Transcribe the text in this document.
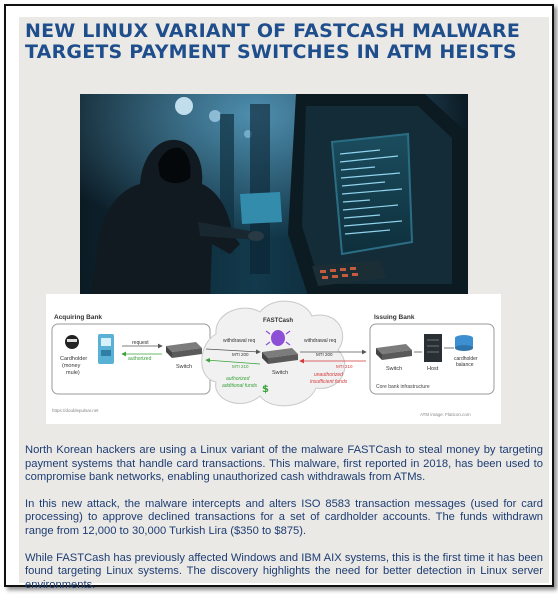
NEW LINUX VARIANT OF FASTCASH MALWARE TARGETS PAYMENT SWITCHES IN ATM HEISTS
Acquiring Bank
Cardholder
(money
mule)
request
authorized
Switch
FASTCash
withdrawal req
MTI 200
MTI 210
Switch
authorized
additional funds $
withdrawal req
MTI 200
MTI 210
unauthorized
insufficient funds
Issuing Bank
Switch	Host
cardholder
balance
Core bank infrastructure
https://doublepulsar.net
ATM image: Flaticon.com

North Korean hackers are using a Linux variant of the malware FASTCash to steal money by targeting payment systems that handle card transactions. This malware, first reported in 2018, has been used to compromise bank networks, enabling unauthorized cash withdrawals from ATMs.

In this new attack, the malware intercepts and alters ISO 8583 transaction messages (used for card processing) to approve declined transactions for a set of cardholder accounts. The funds withdrawn range from 12,000 to 30,000 Turkish Lira ($350 to $875).

While FASTCash has previously affected Windows and IBM AIX systems, this is the first time it has been found targeting Linux systems. The discovery highlights the need for better detection in Linux server environments.
